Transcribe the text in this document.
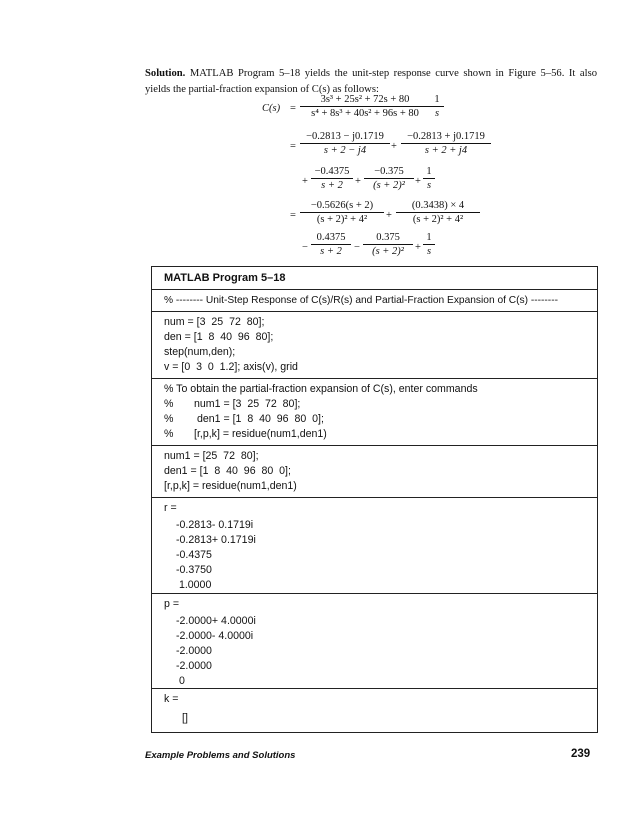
Solution. MATLAB Program 5–18 yields the unit-step response curve shown in Figure 5–56. It also yields the partial-fraction expansion of C(s) as follows:
$C(s) = \frac{\text{3s³ + 25s² + 72s + 80}}{\text{s⁴ + 8s³ + 40s² + 96s + 80}} \frac{1}{s}$
= $\frac{-0.2813 - j0.1719}{s + 2 - j4} + \frac{-0.2813 + j0.1719}{s + 2 + j4}$
+ $\frac{-0.4375}{s + 2} + \frac{-0.375}{\text{(s + 2)²}} + \frac{1}{s}$
= $\frac{-0.5626(s + 2)}{\text{(s + 2)² + 4²}} + \frac{(0.3438) \times 4}{\text{(s + 2)² + 4²}}$
− $\frac{0.4375}{s + 2} - \frac{0.375}{\text{(s + 2)²}} + \frac{1}{s}$
MATLAB Program 5–18
% -------- Unit-Step Response of C(s)/R(s) and Partial-Fraction Expansion of C(s) --------
num = [3  25  72  80];
den = [1  8  40  96  80];
step(num,den);
v = [0  3  0  1.2]; axis(v), grid
% To obtain the partial-fraction expansion of C(s), enter commands
%       num1 = [3  25  72  80];
%        den1 = [1  8  40  96  80  0];
%       [r,p,k] = residue(num1,den1)
num1 = [25  72  80];
den1 = [1  8  40  96  80  0];
[r,p,k] = residue(num1,den1)
r =
-0.2813- 0.1719i
-0.2813+ 0.1719i
-0.4375
-0.3750
1.0000
p =
-2.0000+ 4.0000i
-2.0000- 4.0000i
-2.0000
-2.0000
0
k =
[]
Example Problems and Solutions	239
